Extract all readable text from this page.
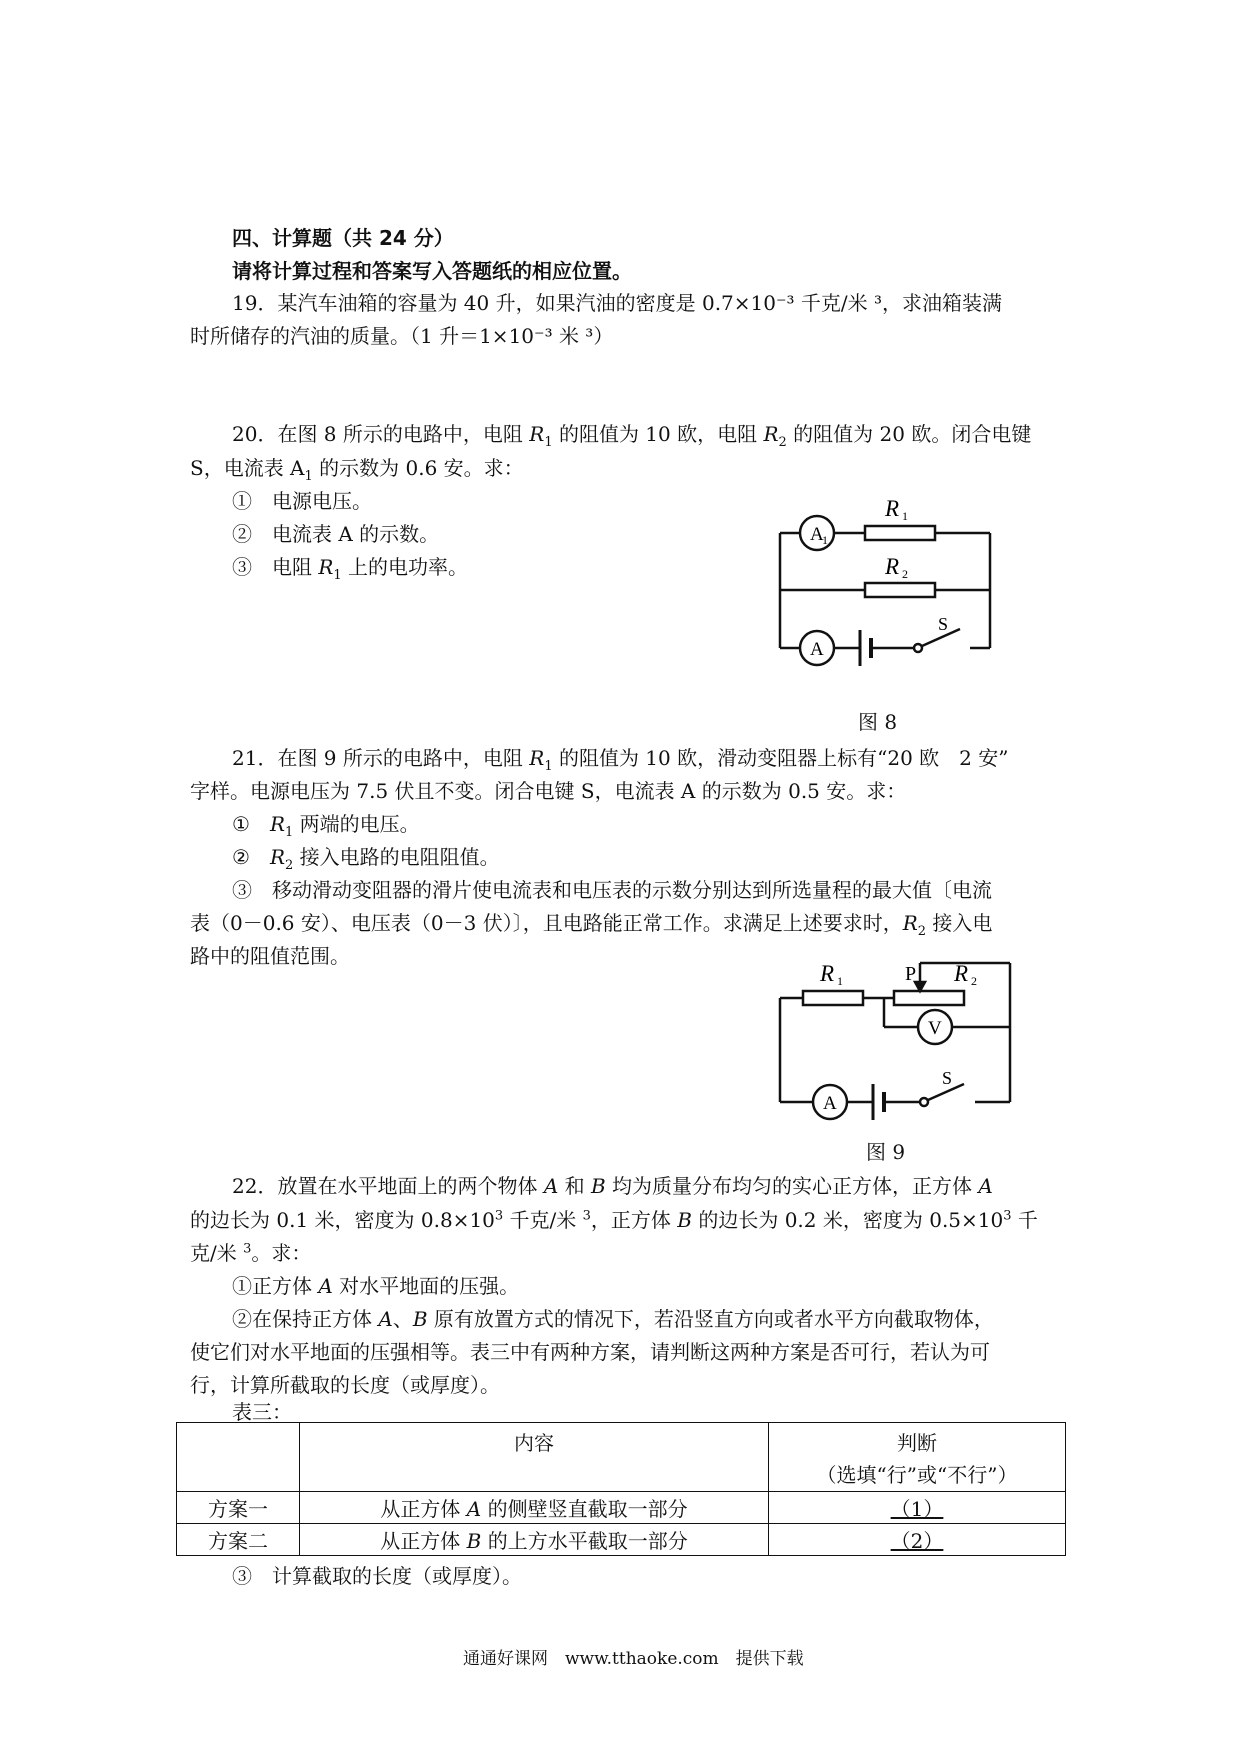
四、计算题（共 24 分）
请将计算过程和答案写入答题纸的相应位置。
19．某汽车油箱的容量为 40 升，如果汽油的密度是 0.7×10⁻³ 千克/米 ³，求油箱装满
时所储存的汽油的质量。（1 升＝1×10⁻³ 米 ³）
20．在图 8 所示的电路中，电阻 $R_1$ 的阻值为 10 欧，电阻 $R_2$ 的阻值为 20 欧。闭合电键
S，电流表 $A_1$ 的示数为 0.6 安。求：
①　电源电压。
②　电流表 A 的示数。
③　电阻 $R_1$ 上的电功率。
A
1
R 1
R 2
A
S
图 8
21．在图 9 所示的电路中，电阻 $R_1$ 的阻值为 10 欧，滑动变阻器上标有“20 欧　2 安”
字样。电源电压为 7.5 伏且不变。闭合电键 S，电流表 A 的示数为 0.5 安。求：
①　$R_1$ 两端的电压。
②　$R_2$ 接入电路的电阻阻值。
③　移动滑动变阻器的滑片使电流表和电压表的示数分别达到所选量程的最大值〔电流
表（0－0.6 安）、电压表（0－3 伏）〕，且电路能正常工作。求满足上述要求时，$R_2$ 接入电
路中的阻值范围。
R 1	P R 2
V
A
S
图 9
22．放置在水平地面上的两个物体 A 和 B 均为质量分布均匀的实心正方体，正方体 A
的边长为 0.1 米，密度为 $0.8\times 10^3$ 千克/米 $^3$，正方体 B 的边长为 0.2 米，密度为 $0.5\times 10^3$ 千
克/米 $^3$。求：
①正方体 A 对水平地面的压强。
②在保持正方体 A、B 原有放置方式的情况下，若沿竖直方向或者水平方向截取物体，
使它们对水平地面的压强相等。表三中有两种方案，请判断这两种方案是否可行，若认为可
行，计算所截取的长度（或厚度）。
表三：
	内容	判断
（选填“行”或“不行”）

方案一	从正方体 A 的侧壁竖直截取一部分	（1）
方案二	从正方体 B 的上方水平截取一部分	（2）
③　计算截取的长度（或厚度）。
通通好课网　www.tthaoke.com　提供下载
